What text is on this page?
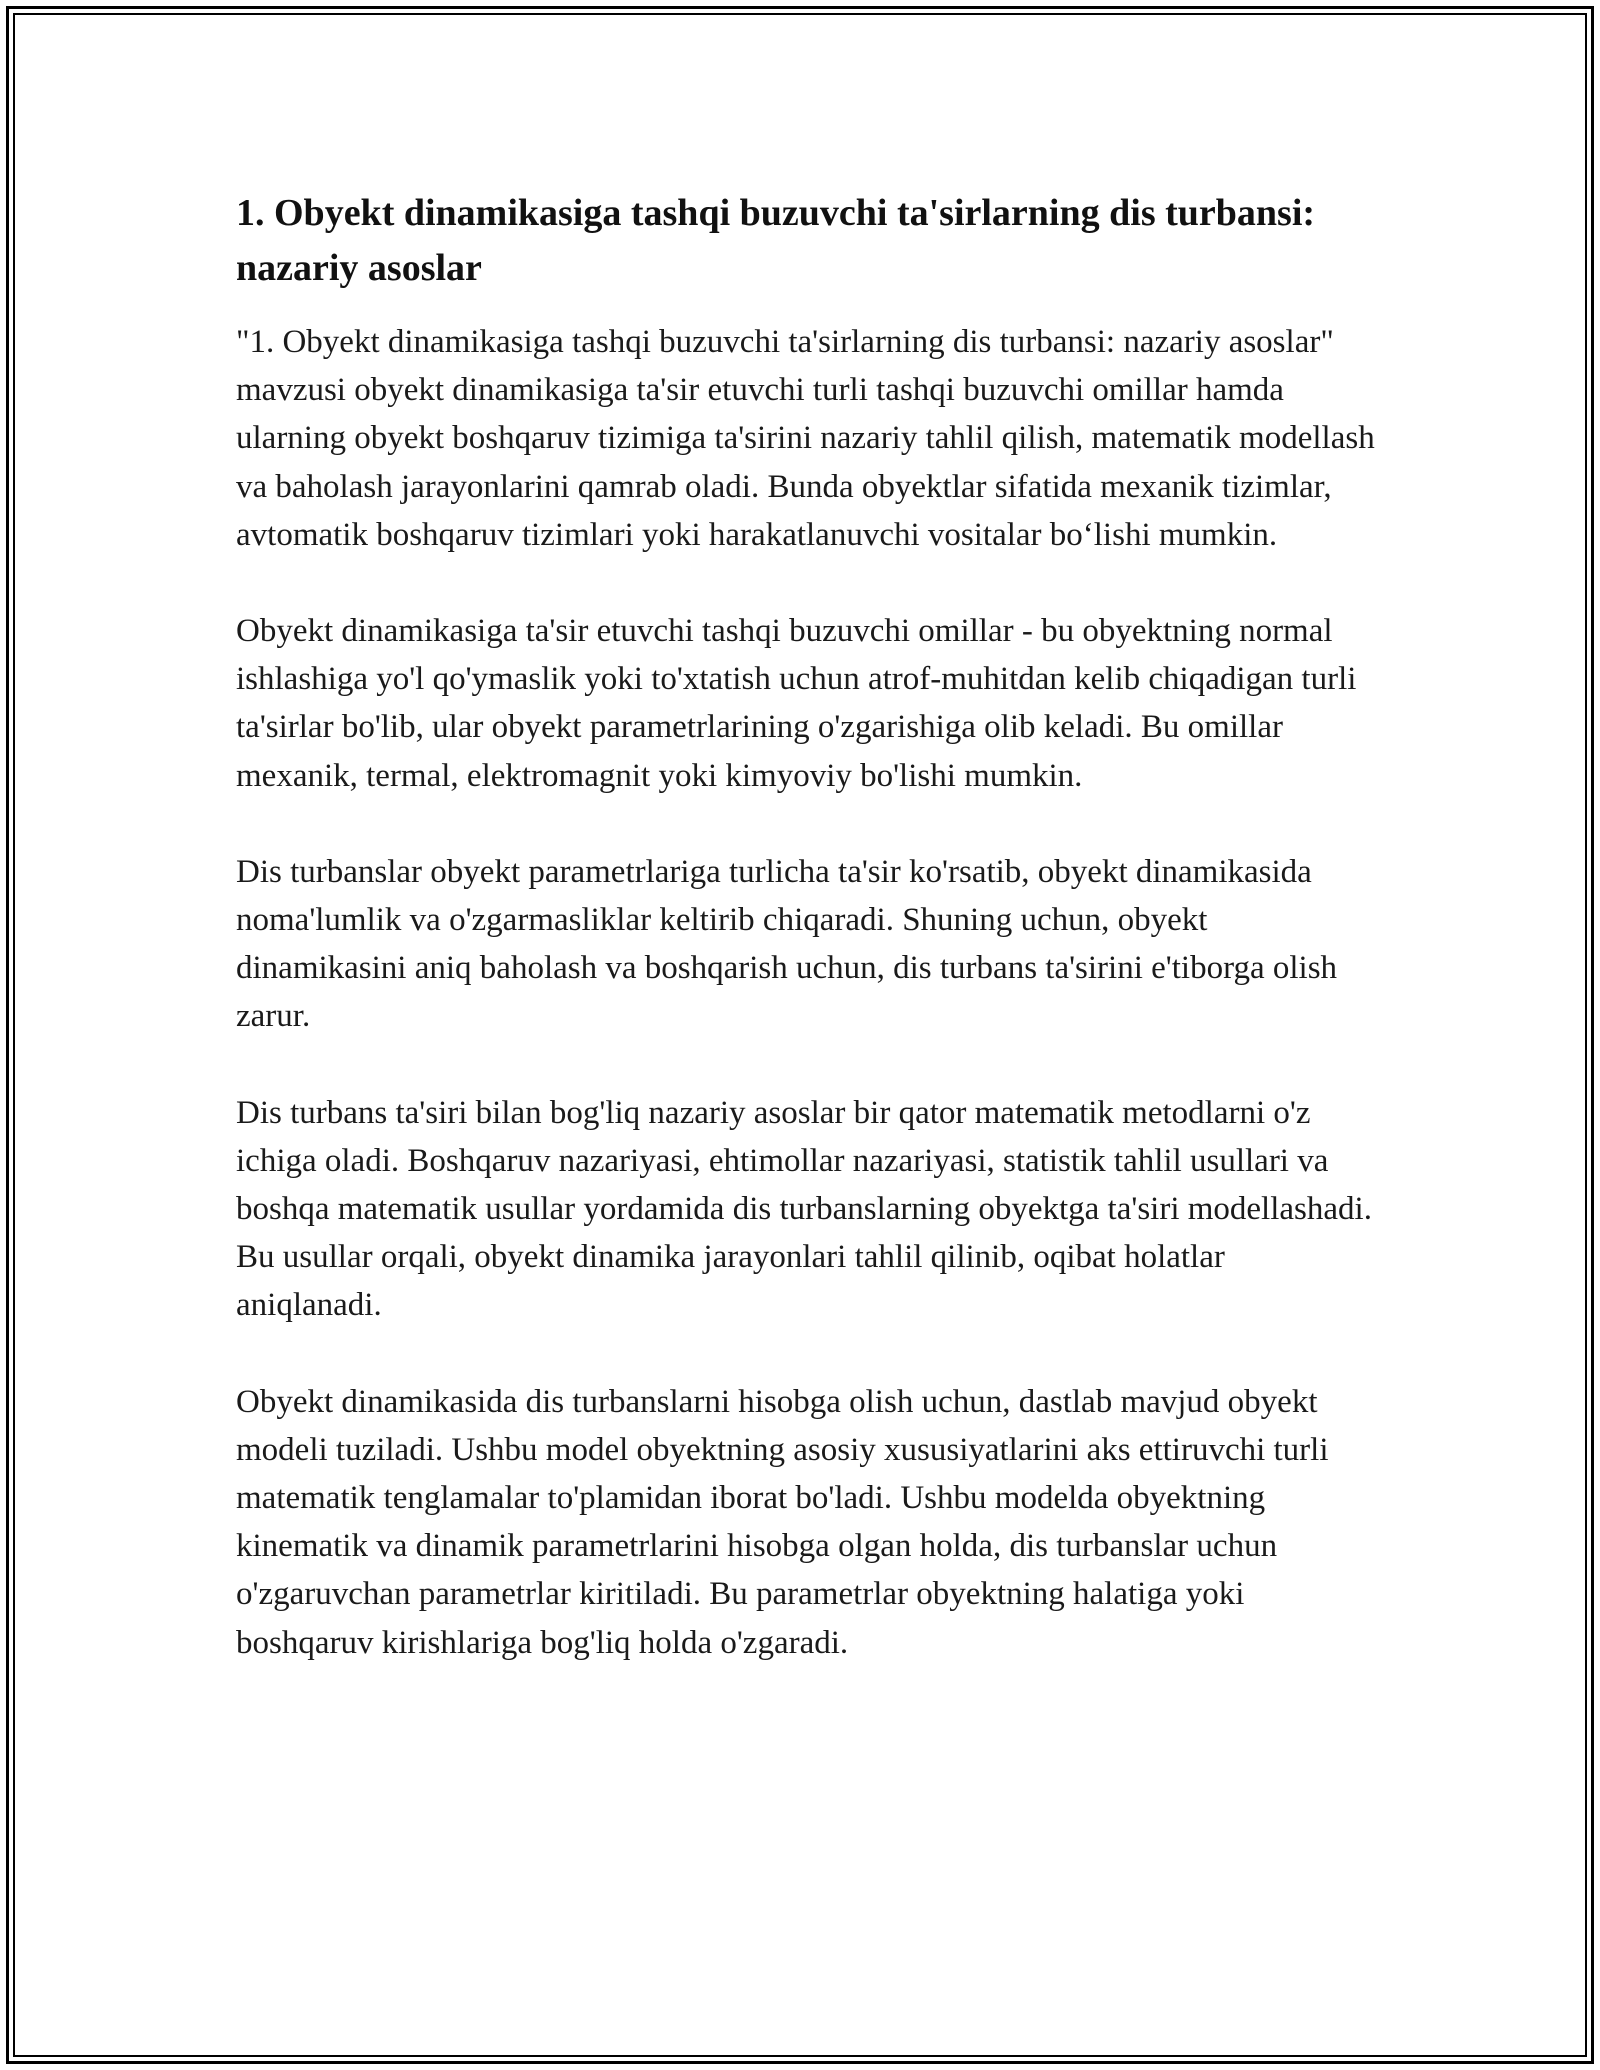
1. Obyekt dinamikasiga tashqi buzuvchi ta'sirlarning dis turbansi: nazariy asoslar

"1. Obyekt dinamikasiga tashqi buzuvchi ta'sirlarning dis turbansi: nazariy asoslar" mavzusi obyekt dinamikasiga ta'sir etuvchi turli tashqi buzuvchi omillar hamda ularning obyekt boshqaruv tizimiga ta'sirini nazariy tahlil qilish, matematik modellash va baholash jarayonlarini qamrab oladi. Bunda obyektlar sifatida mexanik tizimlar, avtomatik boshqaruv tizimlari yoki harakatlanuvchi vositalar bo‘lishi mumkin.

Obyekt dinamikasiga ta'sir etuvchi tashqi buzuvchi omillar - bu obyektning normal ishlashiga yo'l qo'ymaslik yoki to'xtatish uchun atrof-muhitdan kelib chiqadigan turli ta'sirlar bo'lib, ular obyekt parametrlarining o'zgarishiga olib keladi. Bu omillar mexanik, termal, elektromagnit yoki kimyoviy bo'lishi mumkin.

Dis turbanslar obyekt parametrlariga turlicha ta'sir ko'rsatib, obyekt dinamikasida noma'lumlik va o'zgarmasliklar keltirib chiqaradi. Shuning uchun, obyekt dinamikasini aniq baholash va boshqarish uchun, dis turbans ta'sirini e'tiborga olish zarur.

Dis turbans ta'siri bilan bog'liq nazariy asoslar bir qator matematik metodlarni o'z ichiga oladi. Boshqaruv nazariyasi, ehtimollar nazariyasi, statistik tahlil usullari va boshqa matematik usullar yordamida dis turbanslarning obyektga ta'siri modellashadi. Bu usullar orqali, obyekt dinamika jarayonlari tahlil qilinib, oqibat holatlar aniqlanadi.

Obyekt dinamikasida dis turbanslarni hisobga olish uchun, dastlab mavjud obyekt modeli tuziladi. Ushbu model obyektning asosiy xususiyatlarini aks ettiruvchi turli matematik tenglamalar to'plamidan iborat bo'ladi. Ushbu modelda obyektning kinematik va dinamik parametrlarini hisobga olgan holda, dis turbanslar uchun o'zgaruvchan parametrlar kiritiladi. Bu parametrlar obyektning halatiga yoki boshqaruv kirishlariga bog'liq holda o'zgaradi.
